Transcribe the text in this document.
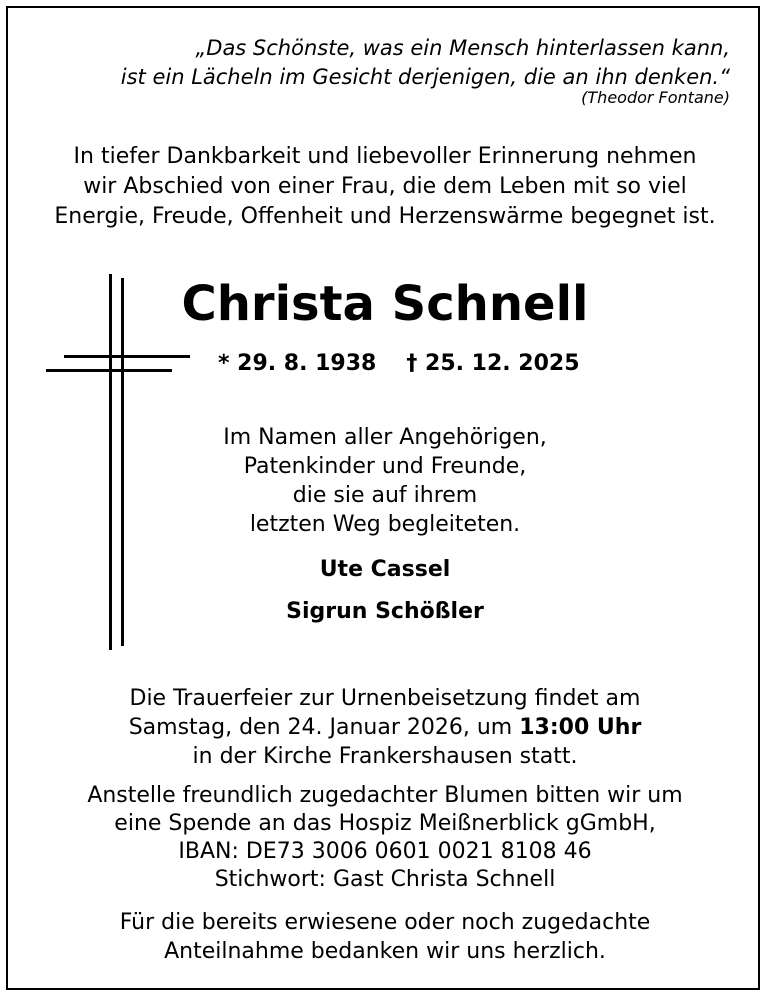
„Das Schönste, was ein Mensch hinterlassen kann,
ist ein Lächeln im Gesicht derjenigen, die an ihn denken.“
(Theodor Fontane)
In tiefer Dankbarkeit und liebevoller Erinnerung nehmen
wir Abschied von einer Frau, die dem Leben mit so viel
Energie, Freude, Offenheit und Herzenswärme begegnet ist.
Christa Schnell
* 29. 8. 1938 † 25. 12. 2025
Im Namen aller Angehörigen,
Patenkinder und Freunde,
die sie auf ihrem
letzten Weg begleiteten.
Ute Cassel
Sigrun Schößler
Die Trauerfeier zur Urnenbeisetzung findet am
Samstag, den 24. Januar 2026, um 13:00 Uhr
in der Kirche Frankershausen statt.
Anstelle freundlich zugedachter Blumen bitten wir um
eine Spende an das Hospiz Meißnerblick gGmbH,
IBAN: DE73 3006 0601 0021 8108 46
Stichwort: Gast Christa Schnell
Für die bereits erwiesene oder noch zugedachte
Anteilnahme bedanken wir uns herzlich.
